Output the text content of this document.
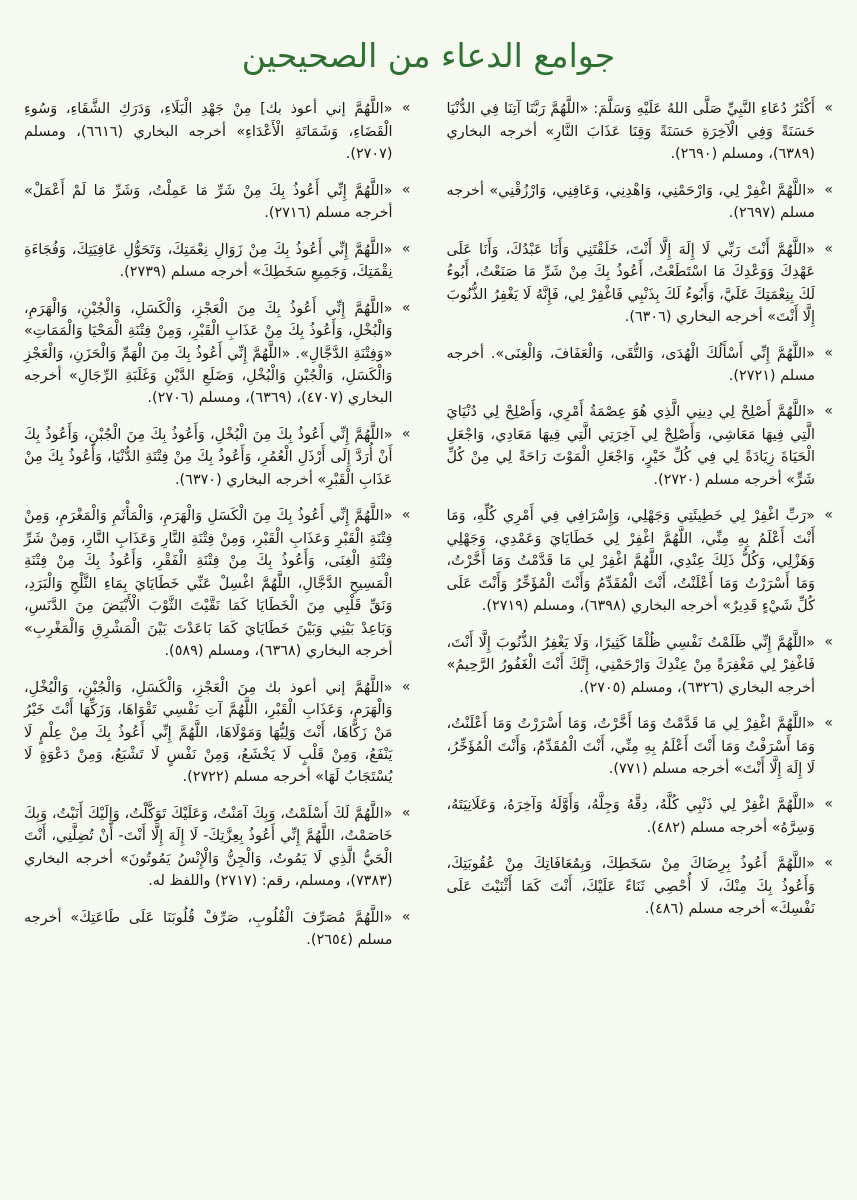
جوامع الدعاء من الصحيحين
»
أَكْثَرُ دُعَاءِ النَّبِيِّ صَلَّى اللهُ عَلَيْهِ وَسَلَّمَ: «اللَّهُمَّ رَبَّنَا آتِنَا فِي الدُّنْيَا حَسَنَةً وَفِي الْآخِرَةِ حَسَنَةً وَقِنَا عَذَابَ النَّارِ» أخرجه البخاري (٦٣٨٩)، ومسلم (٢٦٩٠).
»
«اللَّهُمَّ اغْفِرْ لِي، وَارْحَمْنِي، وَاهْدِنِي، وَعَافِنِي، وَارْزُقْنِي» أخرجه مسلم (٢٦٩٧).
»
«اللَّهُمَّ أَنْتَ رَبِّي لَا إِلَهَ إِلَّا أَنْتَ، خَلَقْتَنِي وَأَنَا عَبْدُكَ، وَأَنَا عَلَى عَهْدِكَ وَوَعْدِكَ مَا اسْتَطَعْتُ، أَعُوذُ بِكَ مِنْ شَرِّ مَا صَنَعْتُ، أَبُوءُ لَكَ بِنِعْمَتِكَ عَلَيَّ، وَأَبُوءُ لَكَ بِذَنْبِي فَاغْفِرْ لِي، فَإِنَّهُ لَا يَغْفِرُ الذُّنُوبَ إِلَّا أَنْتَ» أخرجه البخاري (٦٣٠٦).
»
«اللَّهُمَّ إِنِّي أَسْأَلُكَ الْهُدَى، وَالتُّقَى، وَالْعَفَافَ، وَالْغِنَى». أخرجه مسلم (٢٧٢١).
»
«اللَّهُمَّ أَصْلِحْ لِي دِينِي الَّذِي هُوَ عِصْمَةُ أَمْرِي، وَأَصْلِحْ لِي دُنْيَايَ الَّتِي فِيهَا مَعَاشِي، وَأَصْلِحْ لِي آخِرَتِي الَّتِي فِيهَا مَعَادِي، وَاجْعَلِ الْحَيَاةَ زِيَادَةً لِي فِي كُلِّ خَيْرٍ، وَاجْعَلِ الْمَوْتَ رَاحَةً لِي مِنْ كُلِّ شَرٍّ» أخرجه مسلم (٢٧٢٠).
»
«رَبِّ اغْفِرْ لِي خَطِيئَتِي وَجَهْلِي، وَإِسْرَافِي فِي أَمْرِي كُلِّهِ، وَمَا أَنْتَ أَعْلَمُ بِهِ مِنِّي، اللَّهُمَّ اغْفِرْ لِي خَطَايَايَ وَعَمْدِي، وَجَهْلِي وَهَزْلِي، وَكُلُّ ذَلِكَ عِنْدِي، اللَّهُمَّ اغْفِرْ لِي مَا قَدَّمْتُ وَمَا أَخَّرْتُ، وَمَا أَسْرَرْتُ وَمَا أَعْلَنْتُ، أَنْتَ الْمُقَدِّمُ وَأَنْتَ الْمُؤَخِّرُ وَأَنْتَ عَلَى كُلِّ شَيْءٍ قَدِيرٌ» أخرجه البخاري (٦٣٩٨)، ومسلم (٢٧١٩).
»
«اللَّهُمَّ إِنِّي ظَلَمْتُ نَفْسِي ظُلْمًا كَثِيرًا، وَلَا يَغْفِرُ الذُّنُوبَ إِلَّا أَنْتَ، فَاغْفِرْ لِي مَغْفِرَةً مِنْ عِنْدِكَ وَارْحَمْنِي، إِنَّكَ أَنْتَ الْغَفُورُ الرَّحِيمُ» أخرجه البخاري (٦٣٢٦)، ومسلم (٢٧٠٥).
»
«اللَّهُمَّ اغْفِرْ لِي مَا قَدَّمْتُ وَمَا أَخَّرْتُ، وَمَا أَسْرَرْتُ وَمَا أَعْلَنْتُ، وَمَا أَسْرَفْتُ وَمَا أَنْتَ أَعْلَمُ بِهِ مِنِّي، أَنْتَ الْمُقَدِّمُ، وَأَنْتَ الْمُؤَخِّرُ، لَا إِلَهَ إِلَّا أَنْتَ» أخرجه مسلم (٧٧١).
»
«اللَّهُمَّ اغْفِرْ لِي ذَنْبِي كُلَّهُ، دِقَّهُ وَجِلَّهُ، وَأَوَّلَهُ وَآخِرَهُ، وَعَلَانِيَتَهُ، وَسِرَّهُ» أخرجه مسلم (٤٨٢).
»
«اللَّهُمَّ أَعُوذُ بِرِضَاكَ مِنْ سَخَطِكَ، وَبِمُعَافَاتِكَ مِنْ عُقُوبَتِكَ، وَأَعُوذُ بِكَ مِنْكَ، لَا أُحْصِي ثَنَاءً عَلَيْكَ، أَنْتَ كَمَا أَثْنَيْتَ عَلَى نَفْسِكَ» أخرجه مسلم (٤٨٦).
»
«اللَّهُمَّ إني أعوذ بك] مِنْ جَهْدِ الْبَلَاءِ، وَدَرَكِ الشَّقَاءِ، وَسُوءِ الْقَضَاءِ، وَشَمَاتَةِ الْأَعْدَاءِ» أخرجه البخاري (٦٦١٦)، ومسلم (٢٧٠٧).
»
«اللَّهُمَّ إِنِّي أَعُوذُ بِكَ مِنْ شَرِّ مَا عَمِلْتُ، وَشَرِّ مَا لَمْ أَعْمَلْ» أخرجه مسلم (٢٧١٦).
»
«اللَّهُمَّ إِنِّي أَعُوذُ بِكَ مِنْ زَوَالِ نِعْمَتِكَ، وَتَحَوُّلِ عَافِيَتِكَ، وَفُجَاءَةِ نِقْمَتِكَ، وَجَمِيعِ سَخَطِكَ» أخرجه مسلم (٢٧٣٩).
»
«اللَّهُمَّ إِنِّي أَعُوذُ بِكَ مِنَ الْعَجْزِ، وَالْكَسَلِ، وَالْجُبْنِ، وَالْهَرَمِ، وَالْبُخْلِ، وَأَعُوذُ بِكَ مِنْ عَذَابِ الْقَبْرِ، وَمِنْ فِتْنَةِ الْمَحْيَا وَالْمَمَاتِ» «وَفِتْنَةِ الدَّجَّالِ». «اللَّهُمَّ إِنِّي أَعُوذُ بِكَ مِنَ الْهَمِّ وَالْحَزَنِ، وَالْعَجْزِ وَالْكَسَلِ، وَالْجُبْنِ وَالْبُخْلِ، وَضَلَعِ الدَّيْنِ وَغَلَبَةِ الرِّجَالِ» أخرجه البخاري (٤٧٠٧)، (٦٣٦٩)، ومسلم (٢٧٠٦).
»
«اللَّهُمَّ إِنِّي أَعُوذُ بِكَ مِنَ الْبُخْلِ، وَأَعُوذُ بِكَ مِنَ الْجُبْنِ، وَأَعُوذُ بِكَ أَنْ أُرَدَّ إِلَى أَرْذَلِ الْعُمُرِ، وَأَعُوذُ بِكَ مِنْ فِتْنَةِ الدُّنْيَا، وَأَعُوذُ بِكَ مِنْ عَذَابِ الْقَبْرِ» أخرجه البخاري (٦٣٧٠).
»
«اللَّهُمَّ إِنِّي أَعُوذُ بِكَ مِنَ الْكَسَلِ وَالْهَرَمِ، وَالْمَأْثَمِ وَالْمَغْرَمِ، وَمِنْ فِتْنَةِ الْقَبْرِ وَعَذَابِ الْقَبْرِ، وَمِنْ فِتْنَةِ النَّارِ وَعَذَابِ النَّارِ، وَمِنْ شَرِّ فِتْنَةِ الْغِنَى، وَأَعُوذُ بِكَ مِنْ فِتْنَةِ الْفَقْرِ، وَأَعُوذُ بِكَ مِنْ فِتْنَةِ الْمَسِيحِ الدَّجَّالِ، اللَّهُمَّ اغْسِلْ عَنِّي خَطَايَايَ بِمَاءِ الثَّلْجِ وَالْبَرَدِ، وَنَقِّ قَلْبِي مِنَ الْخَطَايَا كَمَا نَقَّيْتَ الثَّوْبَ الْأَبْيَضَ مِنَ الدَّنَسِ، وَبَاعِدْ بَيْنِي وَبَيْنَ خَطَايَايَ كَمَا بَاعَدْتَ بَيْنَ الْمَشْرِقِ وَالْمَغْرِبِ» أخرجه البخاري (٦٣٦٨)، ومسلم (٥٨٩).
»
«اللَّهُمَّ إني أعوذ بك مِنَ الْعَجْزِ، وَالْكَسَلِ، وَالْجُبْنِ، وَالْبُخْلِ، وَالْهَرَمِ، وَعَذَابِ الْقَبْرِ، اللَّهُمَّ آتِ نَفْسِي تَقْوَاهَا، وَزَكِّهَا أَنْتَ خَيْرُ مَنْ زَكَّاهَا، أَنْتَ وَلِيُّهَا وَمَوْلَاهَا، اللَّهُمَّ إِنِّي أَعُوذُ بِكَ مِنْ عِلْمٍ لَا يَنْفَعُ، وَمِنْ قَلْبٍ لَا يَخْشَعُ، وَمِنْ نَفْسٍ لَا تَشْبَعُ، وَمِنْ دَعْوَةٍ لَا يُسْتَجَابُ لَهَا» أخرجه مسلم (٢٧٢٢).
»
«اللَّهُمَّ لَكَ أَسْلَمْتُ، وَبِكَ آمَنْتُ، وَعَلَيْكَ تَوَكَّلْتُ، وَإِلَيْكَ أَنَبْتُ، وَبِكَ خَاصَمْتُ، اللَّهُمَّ إِنِّي أَعُوذُ بِعِزَّتِكَ- لَا إِلَهَ إِلَّا أَنْتَ- أَنْ تُضِلَّنِي، أَنْتَ الْحَيُّ الَّذِي لَا يَمُوتُ، وَالْجِنُّ وَالْإِنْسُ يَمُوتُونَ» أخرجه البخاري (٧٣٨٣)، ومسلم، رقم: (٢٧١٧) واللفظ له.
»
«اللَّهُمَّ مُصَرِّفَ الْقُلُوبِ، صَرِّفْ قُلُوبَنَا عَلَى طَاعَتِكَ» أخرجه مسلم (٢٦٥٤).
